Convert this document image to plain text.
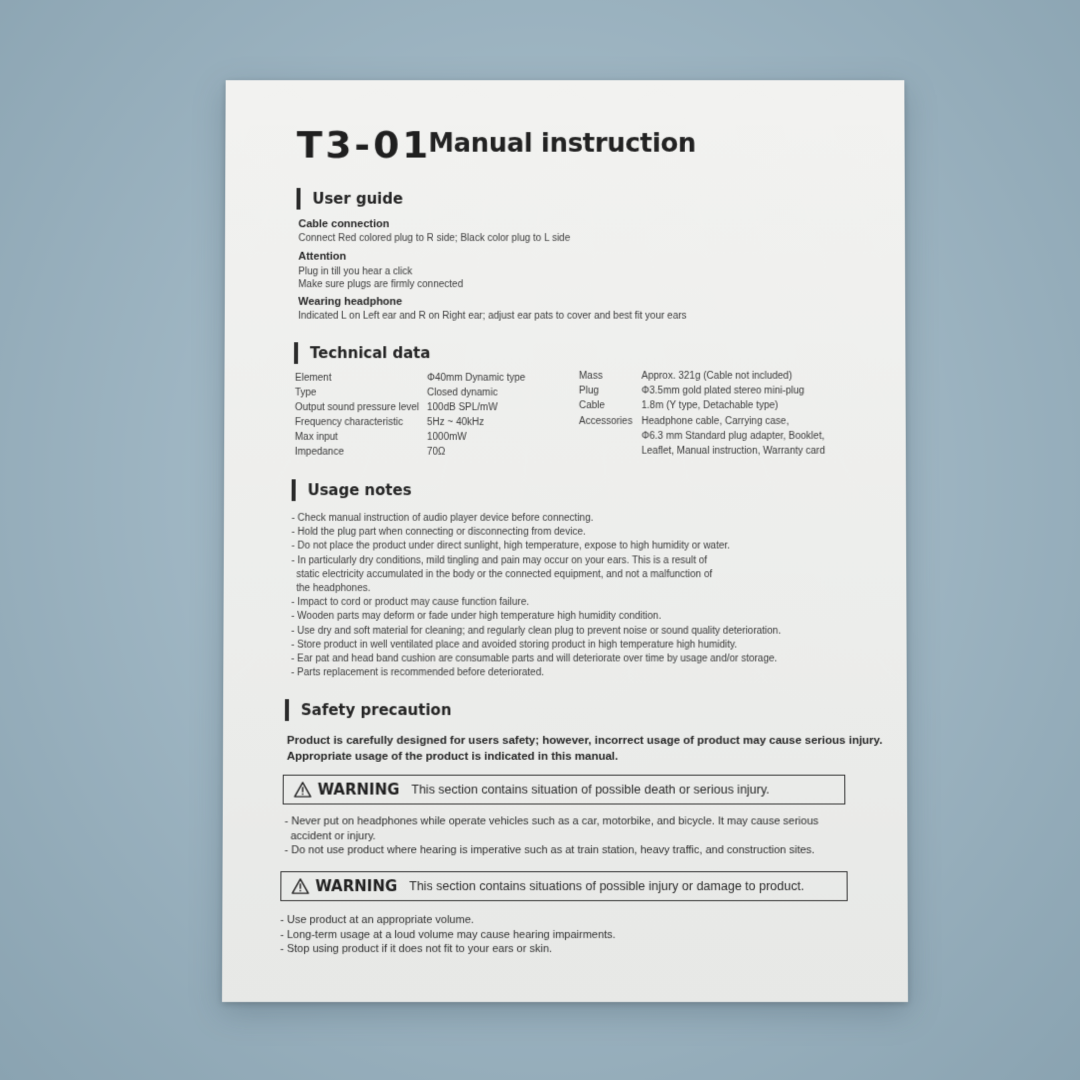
T3-01
Manual instruction
User guide
Cable connection
Connect Red colored plug to R side; Black color plug to L side
Attention
Plug in till you hear a click
Make sure plugs are firmly connected
Wearing headphone
Indicated L on Left ear and R on Right ear; adjust ear pats to cover and best fit your ears
Technical data
Element	Φ40mm Dynamic type
Type	Closed dynamic
Output sound pressure level 100dB SPL/mW
Frequency characteristic 5Hz ~ 40kHz
Max input	1000mW
Impedance	70Ω
Mass	Approx. 321g (Cable not included)
Plug	Φ3.5mm gold plated stereo mini-plug
Cable	1.8m (Y type, Detachable type)
Accessories Headphone cable, Carrying case,
Φ6.3 mm Standard plug adapter, Booklet,
Leaflet, Manual instruction, Warranty card
Usage notes
- Check manual instruction of audio player device before connecting.
- Hold the plug part when connecting or disconnecting from device.
- Do not place the product under direct sunlight, high temperature, expose to high humidity or water.
- In particularly dry conditions, mild tingling and pain may occur on your ears. This is a result of
static electricity accumulated in the body or the connected equipment, and not a malfunction of
the headphones.
- Impact to cord or product may cause function failure.
- Wooden parts may deform or fade under high temperature high humidity condition.
- Use dry and soft material for cleaning; and regularly clean plug to prevent noise or sound quality deterioration.
- Store product in well ventilated place and avoided storing product in high temperature high humidity.
- Ear pat and head band cushion are consumable parts and will deteriorate over time by usage and/or storage.
- Parts replacement is recommended before deteriorated.
Safety precaution
Product is carefully designed for users safety; however, incorrect usage of product may cause serious injury.
Appropriate usage of the product is indicated in this manual.
WARNING This section contains situation of possible death or serious injury.
- Never put on headphones while operate vehicles such as a car, motorbike, and bicycle. It may cause serious
accident or injury.
- Do not use product where hearing is imperative such as at train station, heavy traffic, and construction sites.
WARNING This section contains situations of possible injury or damage to product.
- Use product at an appropriate volume.
- Long-term usage at a loud volume may cause hearing impairments.
- Stop using product if it does not fit to your ears or skin.
